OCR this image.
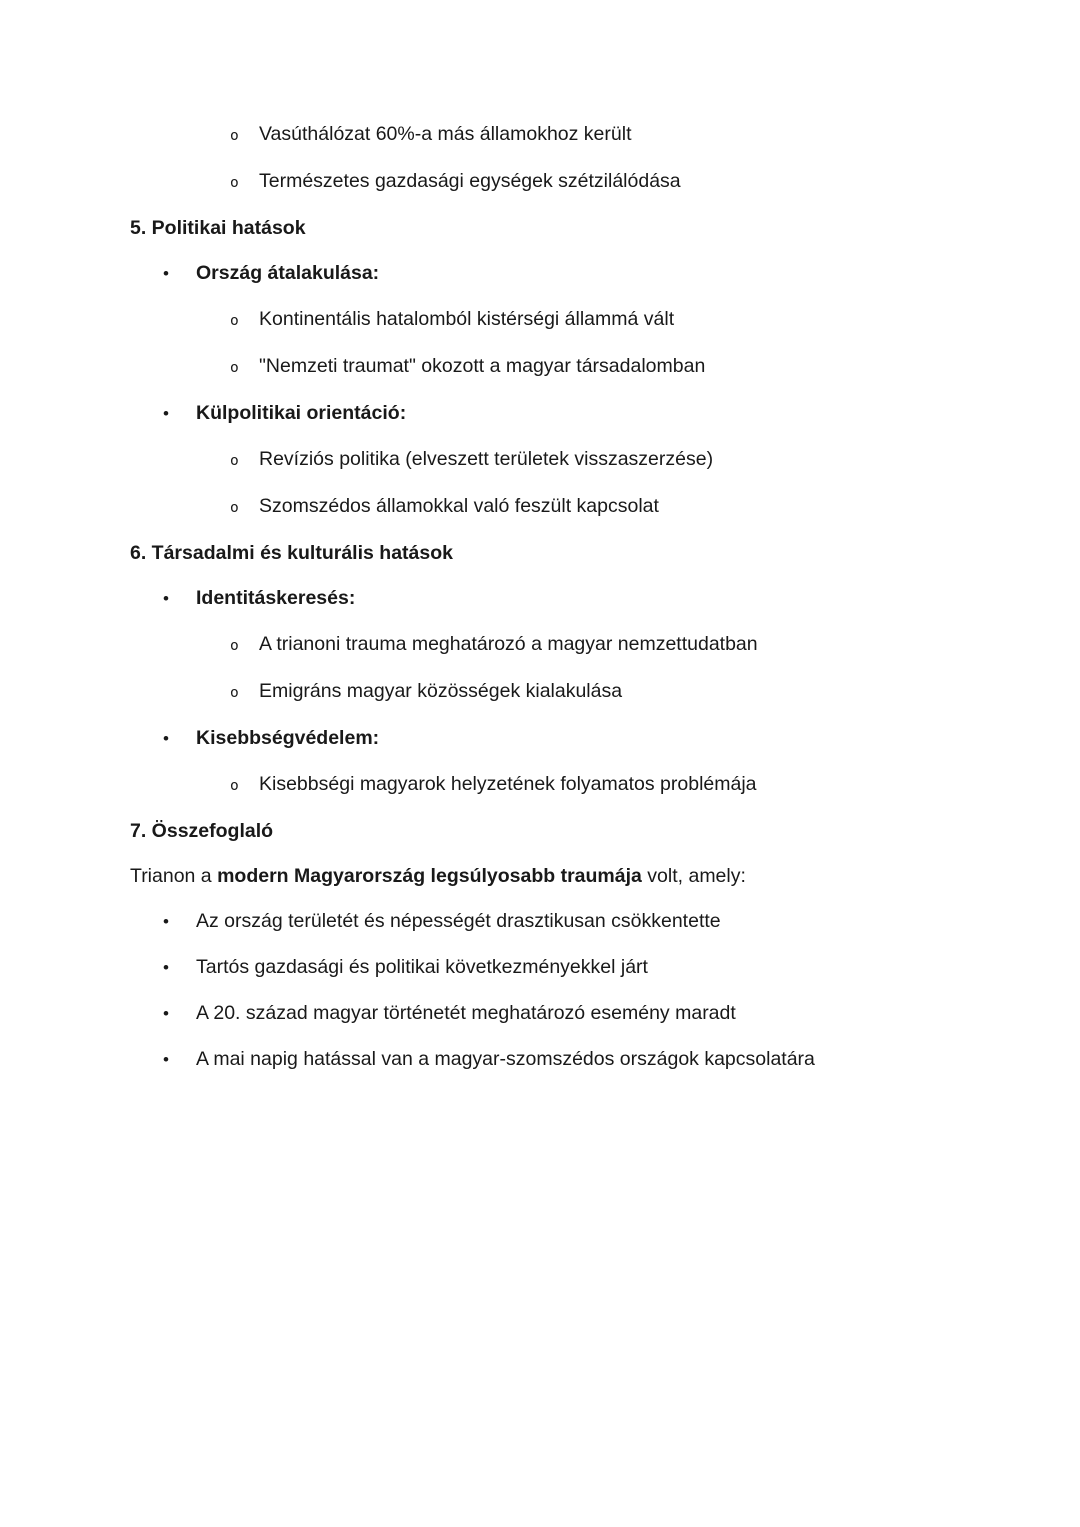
o	Vasúthálózat 60%-a más államokhoz került
o	Természetes gazdasági egységek szétzilálódása
5. Politikai hatások
•	Ország átalakulása:
o	Kontinentális hatalomból kistérségi állammá vált
o	"Nemzeti traumat" okozott a magyar társadalomban
•	Külpolitikai orientáció:
o	Revíziós politika (elveszett területek visszaszerzése)
o	Szomszédos államokkal való feszült kapcsolat
6. Társadalmi és kulturális hatások
•	Identitáskeresés:
o	A trianoni trauma meghatározó a magyar nemzettudatban
o	Emigráns magyar közösségek kialakulása
•	Kisebbségvédelem:
o	Kisebbségi magyarok helyzetének folyamatos problémája
7. Összefoglaló
Trianon a modern Magyarország legsúlyosabb traumája volt, amely:
•	Az ország területét és népességét drasztikusan csökkentette
•	Tartós gazdasági és politikai következményekkel járt
•	A 20. század magyar történetét meghatározó esemény maradt
•	A mai napig hatással van a magyar-szomszédos országok kapcsolatára
